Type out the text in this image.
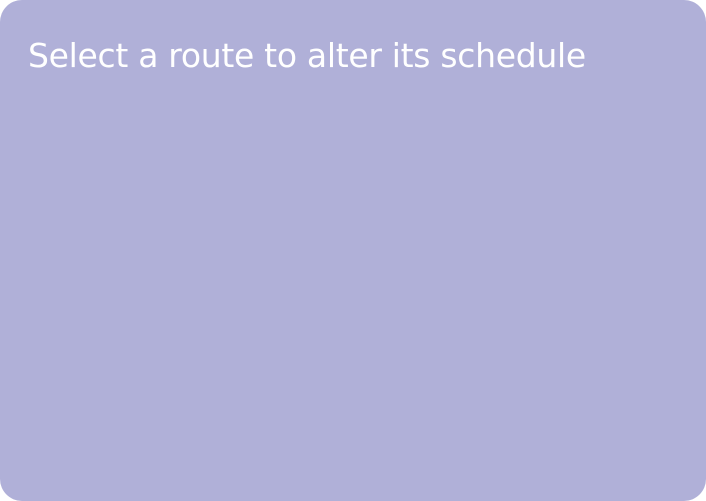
Select a route to alter its schedule
